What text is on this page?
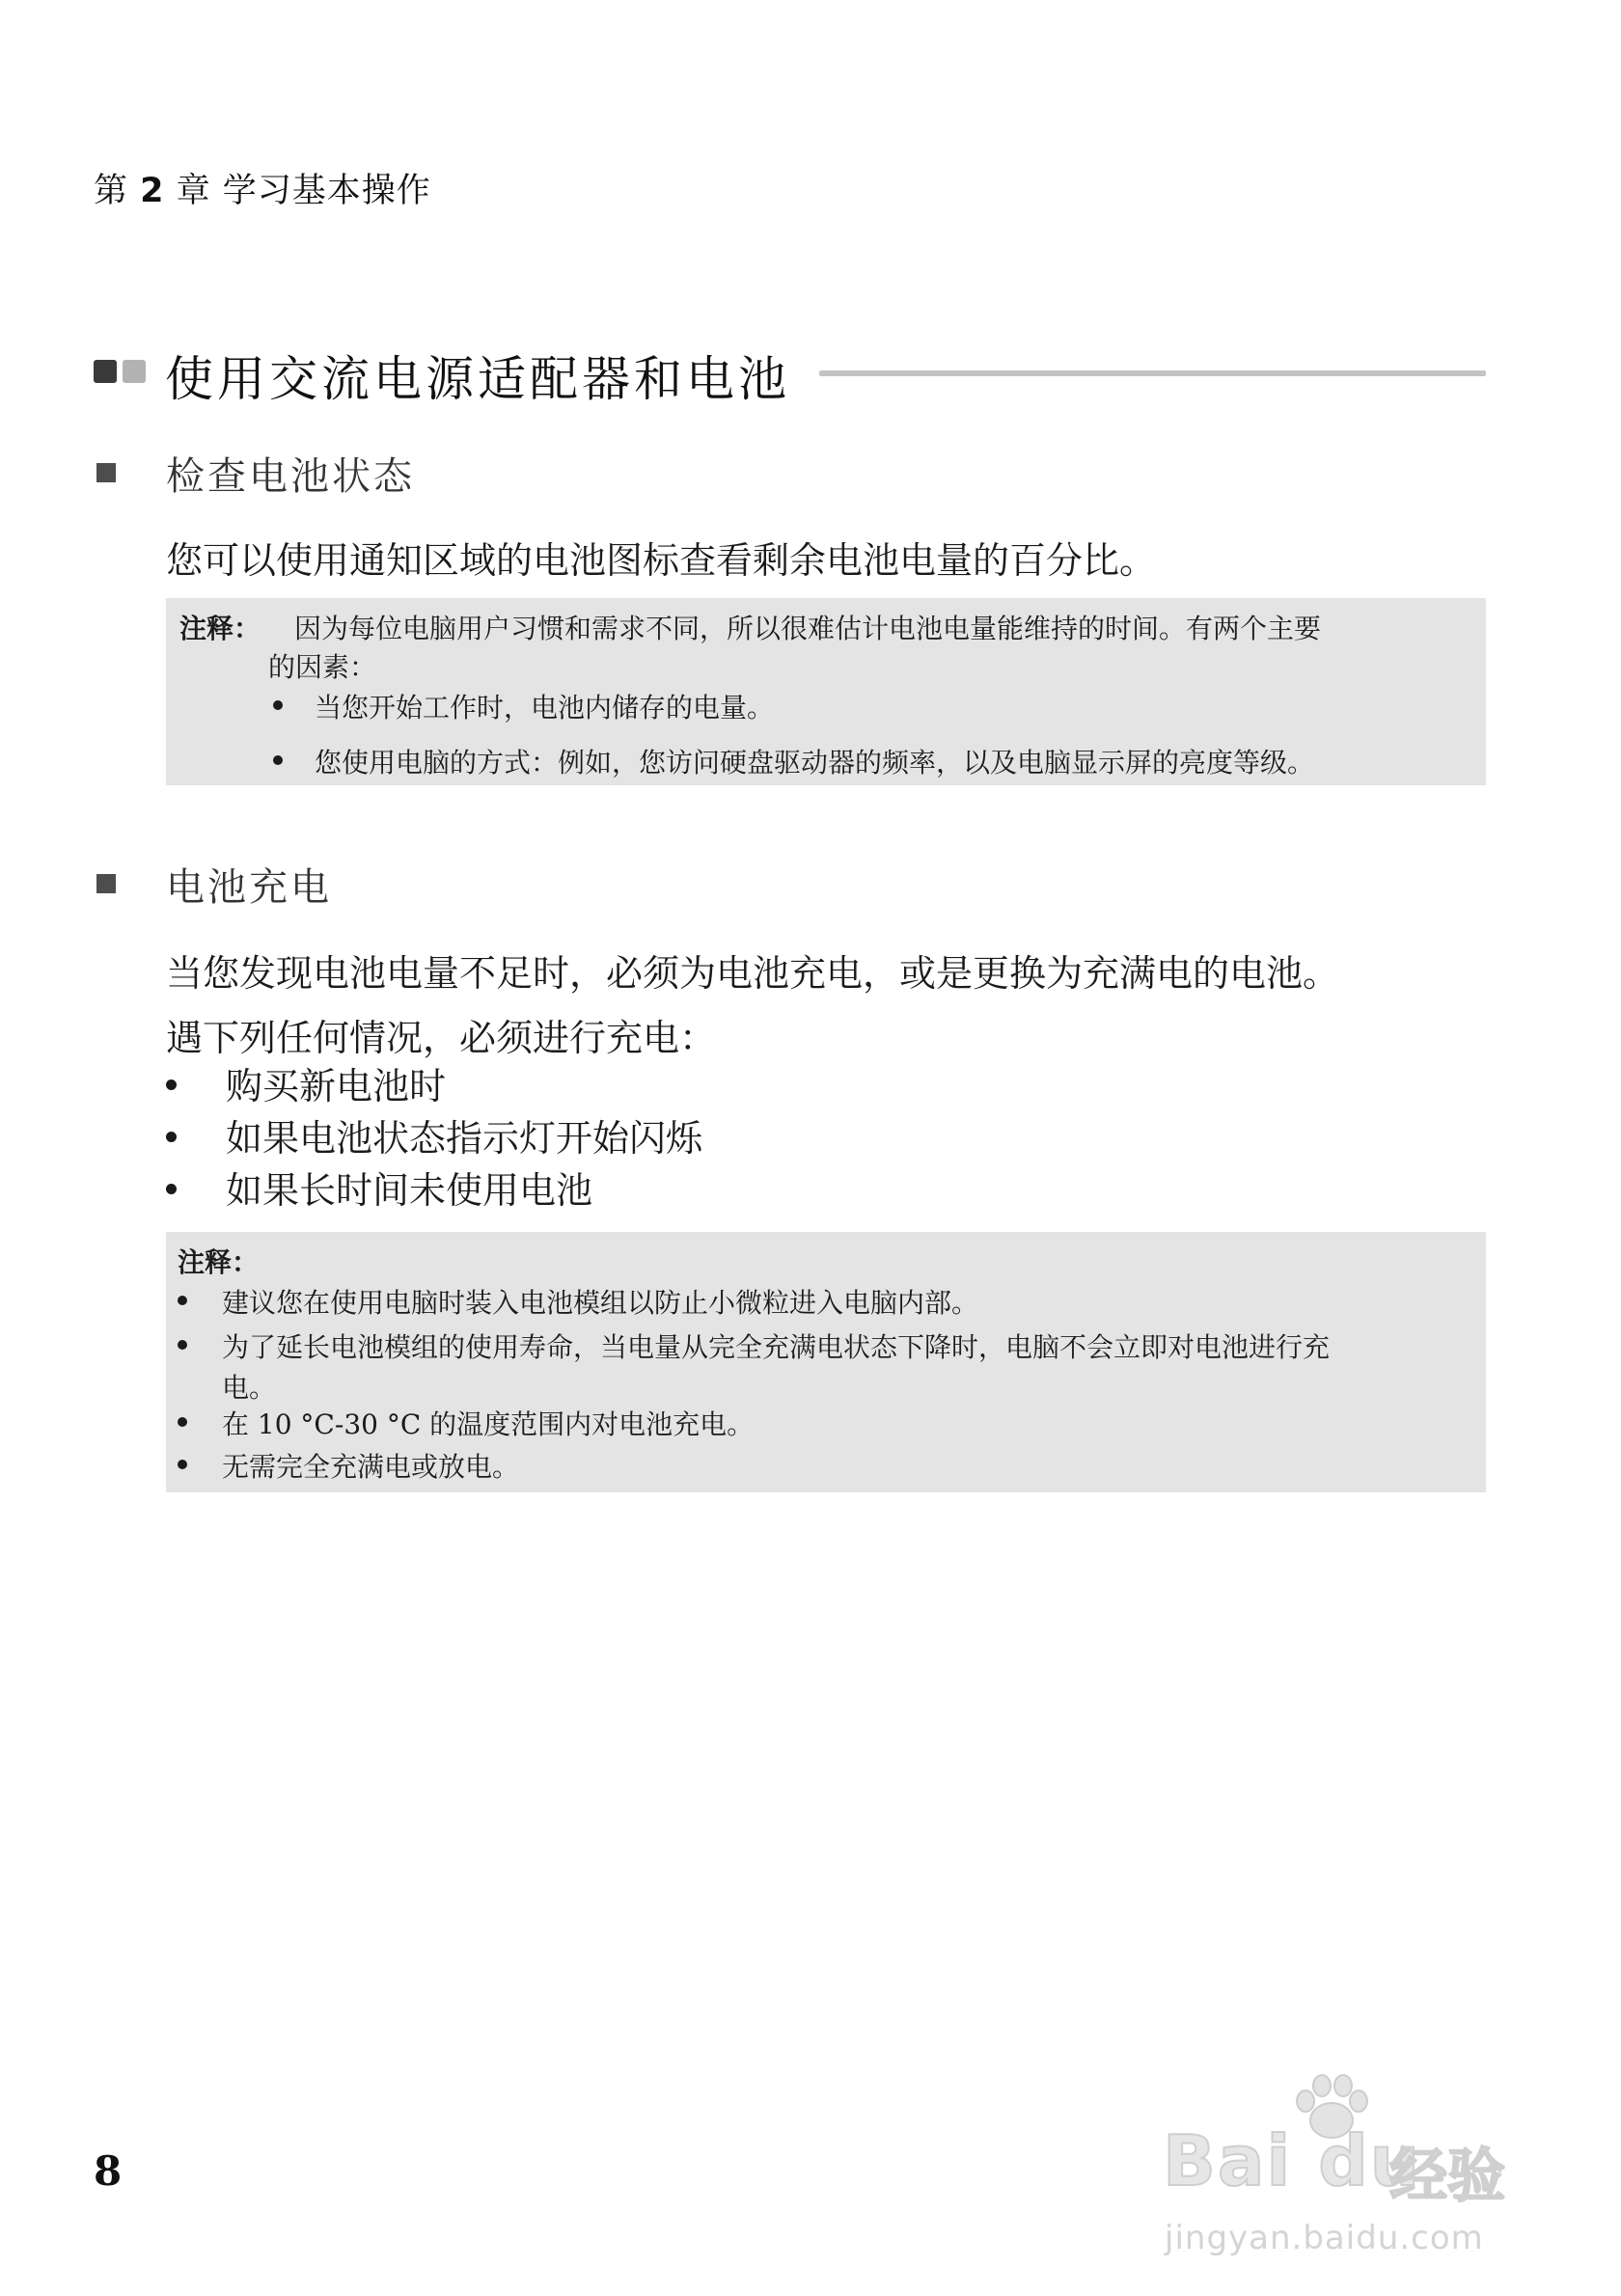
第 2 章 学习基本操作
使用交流电源适配器和电池
检查电池状态
您可以使用通知区域的电池图标查看剩余电池电量的百分比。
注释： 因为每位电脑用户习惯和需求不同，所以很难估计电池电量能维持的时间。有两个主要
的因素：
当您开始工作时，电池内储存的电量。
您使用电脑的方式：例如，您访问硬盘驱动器的频率，以及电脑显示屏的亮度等级。
电池充电
当您发现电池电量不足时，必须为电池充电，或是更换为充满电的电池。
遇下列任何情况，必须进行充电：
购买新电池时
如果电池状态指示灯开始闪烁
如果长时间未使用电池
注释：
建议您在使用电脑时装入电池模组以防止小微粒进入电脑内部。
为了延长电池模组的使用寿命，当电量从完全充满电状态下降时，电脑不会立即对电池进行充
电。
在 10 °C-30 °C 的温度范围内对电池充电。
无需完全充满电或放电。
8	Bai du
经验
jingyan.baidu.com
